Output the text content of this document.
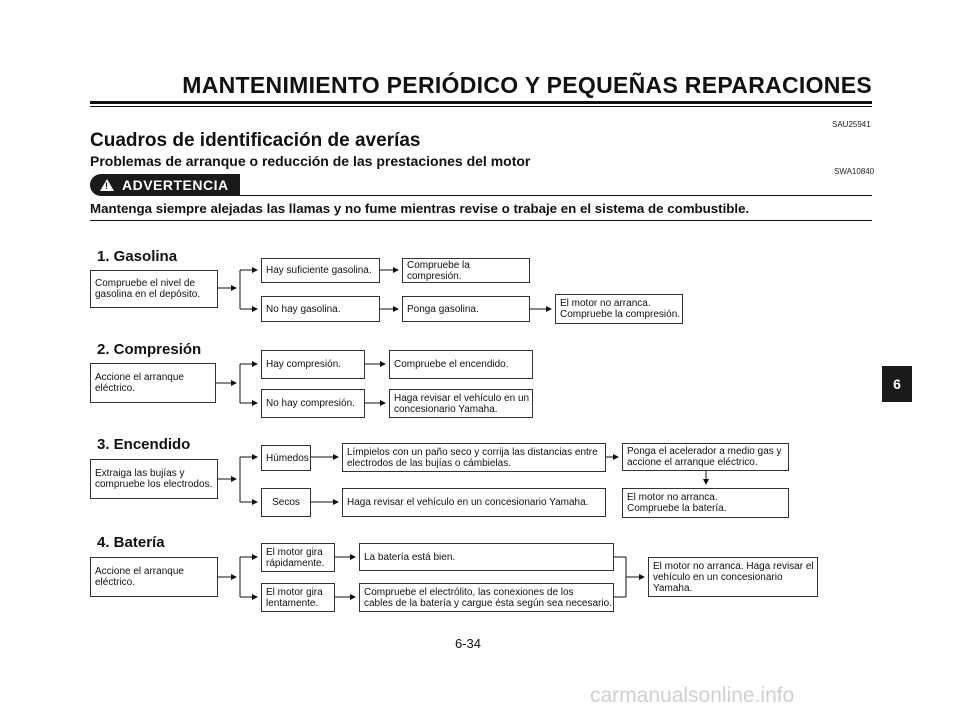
MANTENIMIENTO PERIÓDICO Y PEQUEÑAS REPARACIONES
SAU25941
Cuadros de identificación de averías
Problemas de arranque o reducción de las prestaciones del motor
SWA10840
! ADVERTENCIA
Mantenga siempre alejadas las llamas y no fume mientras revise o trabaje en el sistema de combustible.
1. Gasolina
Compruebe el nivel de
gasolina en el depósito.
Hay suficiente gasolina.	Compruebe la compresión.
No hay gasolina.	Ponga gasolina.	El motor no arranca.
Compruebe la compresión.
2. Compresión
Accione el arranque
eléctrico.
Hay compresión.	Compruebe el encendido.
No hay compresión.	Haga revisar el vehículo en un
concesionario Yamaha.
3. Encendido
Extraiga las bujías y
compruebe los electrodos.
Húmedos
Límpielos con un paño seco y corrija las distancias entre
electrodos de las bujías o cámbielas.
Ponga el acelerador a medio gas y
accione el arranque eléctrico.
Secos	Haga revisar el vehículo en un concesionario Yamaha.	El motor no arranca.
Compruebe la batería.
4. Batería
Accione el arranque
eléctrico.
El motor gira
rápidamente.
La batería está bien.
El motor gira
lentamente.
Compruebe el electrólito, las conexiones de los
cables de la batería y cargue ésta según sea necesario.
El motor no arranca. Haga revisar el
vehículo en un concesionario
Yamaha.
6
6-34
carmanualsonline.info
